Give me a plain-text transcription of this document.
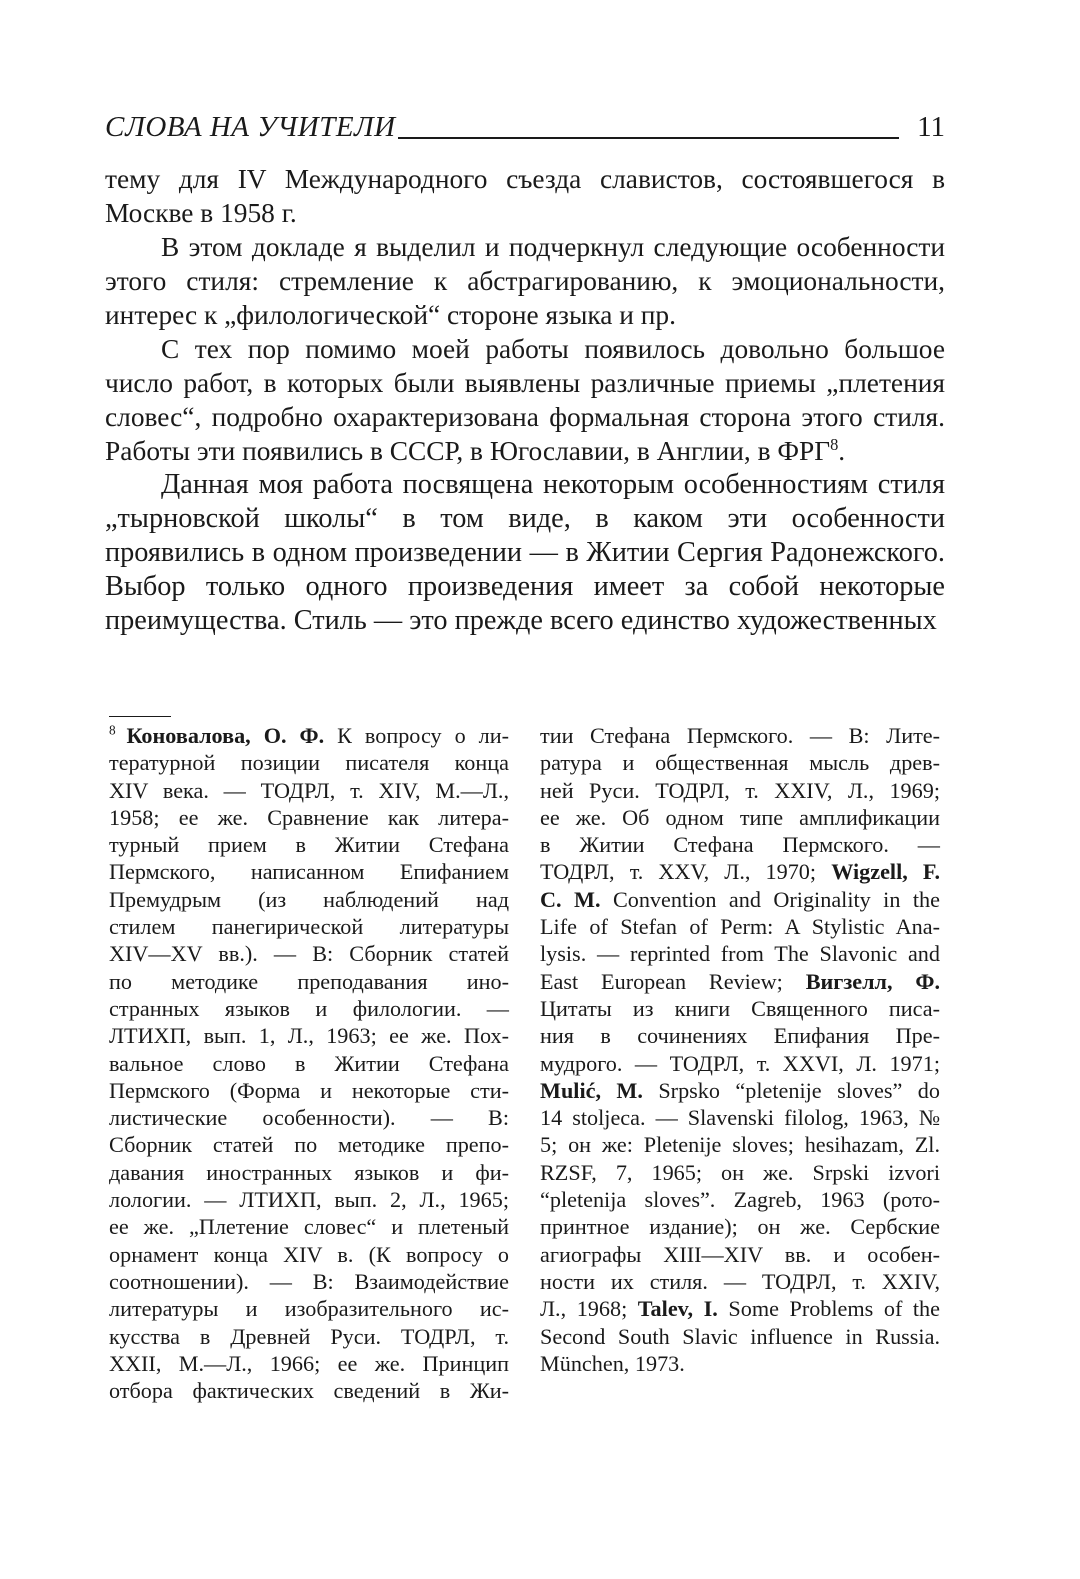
СЛОВА НА УЧИТЕЛИ	11

тему для IV Международного съезда славистов, состоявшегося в Москве в 1958 г.

В этом докладе я выделил и подчеркнул следующие особенности этого стиля: стремление к абстрагированию, к эмоциональности, интерес к „филологической“ стороне языка и пр.

С тех пор помимо моей работы появилось довольно большое число работ, в которых были выявлены различные приемы „плетения словес“, подробно охарактеризована формальная сторона этого стиля. Работы эти появились в СССР, в Югославии, в Англии, в ФРГ$^8$.

Данная моя работа посвящена некоторым особенностиям стиля „тырновской школы“ в том виде, в каком эти особенности проявились в одном произведении — в Житии Сергия Радонежского. Выбор только одного произведения имеет за собой некоторые преимущества. Стиль — это прежде всего единство художественных

$^8$ Коновалова, О. Ф. К вопросу о ли-
тературной позиции писателя конца
XIV века. — ТОДРЛ, т. XIV, М.—Л.,
1958; ее же. Сравнение как литера-
турный прием в Житии Стефана
Пермского, написанном Епифанием
Премудрым (из наблюдений над
стилем панегирической литературы
XIV—XV вв.). — В: Сборник статей
по методике преподавания ино-
странных языков и филологии. —
ЛТИХП, вып. 1, Л., 1963; ее же. Пох-
вальное слово в Житии Стефана
Пермского (Форма и некоторые сти-
листические особенности). — В:
Сборник статей по методике препо-
давания иностранных языков и фи-
лологии. — ЛТИХП, вып. 2, Л., 1965;
ее же. „Плетение словес“ и плетеный
орнамент конца XIV в. (К вопросу о
соотношении). — В: Взаимодействие
литературы и изобразительного ис-
кусства в Древней Руси. ТОДРЛ, т.
XXII, М.—Л., 1966; ее же. Принцип
отбора фактических сведений в Жи-
тии Стефана Пермского. — В: Лите-
ратура и общественная мысль древ-
ней Руси. ТОДРЛ, т. XXIV, Л., 1969;
ее же. Об одном типе амплификации
в Житии Стефана Пермского. —
ТОДРЛ, т. XXV, Л., 1970; Wigzell, F.
C. M. Convention and Originality in the
Life of Stefan of Perm: A Stylistic Ana-
lysis. — reprinted from The Slavonic and
East European Review; Вигзелл, Ф.
Цитаты из книги Священного писа-
ния в сочинениях Епифания Пре-
мудрого. — ТОДРЛ, т. XXVI, Л. 1971;
Mulić, M. Srpsko “pletenije sloves” do
14 stoljeca. — Slavenski filolog, 1963, №
5; он же: Pletenije sloves; hesihazam, Zl.
RZSF, 7, 1965; он же. Srpski izvori
“pletenija sloves”. Zagreb, 1963 (рото-
принтное издание); он же. Сербские
агиографы XIII—XIV вв. и особен-
ности их стиля. — ТОДРЛ, т. XXIV,
Л., 1968; Talev, I. Some Problems of the
Second South Slavic influence in Russia.
München, 1973.
